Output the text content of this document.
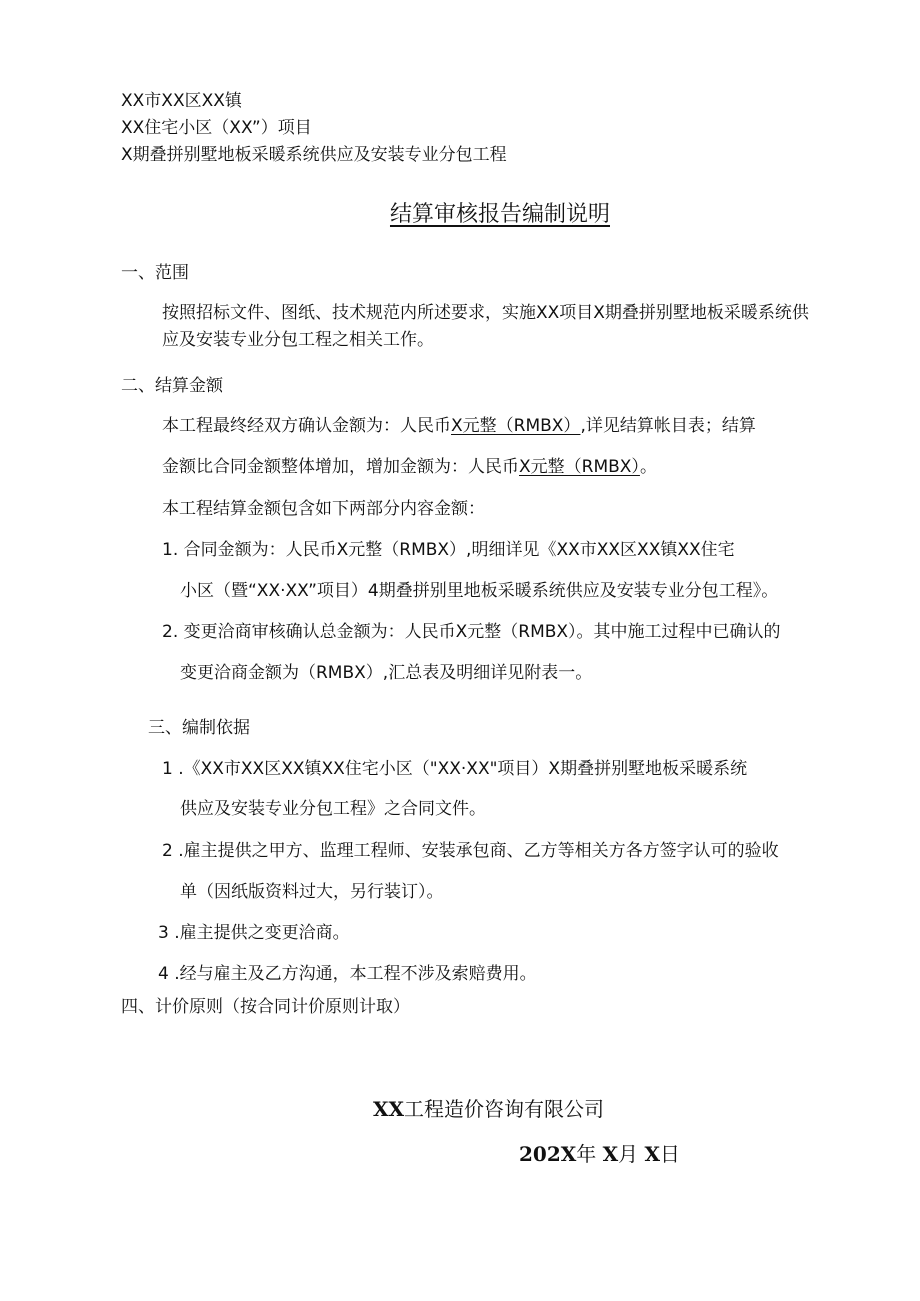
XX市XX区XX镇
XX住宅小区（XX”）项目
X期叠拼别墅地板采暖系统供应及安装专业分包工程
结算审核报告编制说明
一、范围
按照招标文件、图纸、技术规范内所述要求，实施XX项目X期叠拼别墅地板采暖系统供
应及安装专业分包工程之相关工作。
二、结算金额
本工程最终经双方确认金额为：人民币X元整（RMBX）,详见结算帐目表；结算
金额比合同金额整体增加，增加金额为：人民币X元整（RMBX）。
本工程结算金额包含如下两部分内容金额：
1. 合同金额为：人民币X元整（RMBX）,明细详见《XX市XX区XX镇XX住宅
小区（暨“XX·XX”项目）4期叠拼别里地板采暖系统供应及安装专业分包工程》。
2. 变更洽商审核确认总金额为：人民币X元整（RMBX）。其中施工过程中已确认的
变更洽商金额为（RMBX）,汇总表及明细详见附表一。
三、编制依据
1 .《XX市XX区XX镇XX住宅小区（"XX·XX"项目）X期叠拼别墅地板采暖系统
供应及安装专业分包工程》之合同文件。
2 .雇主提供之甲方、监理工程师、安装承包商、乙方等相关方各方签字认可的验收
单（因纸版资料过大，另行装订）。
3 .雇主提供之变更洽商。
4 .经与雇主及乙方沟通，本工程不涉及索赔费用。
四、计价原则（按合同计价原则计取）
XX工程造价咨询有限公司
202X年 X月 X日
